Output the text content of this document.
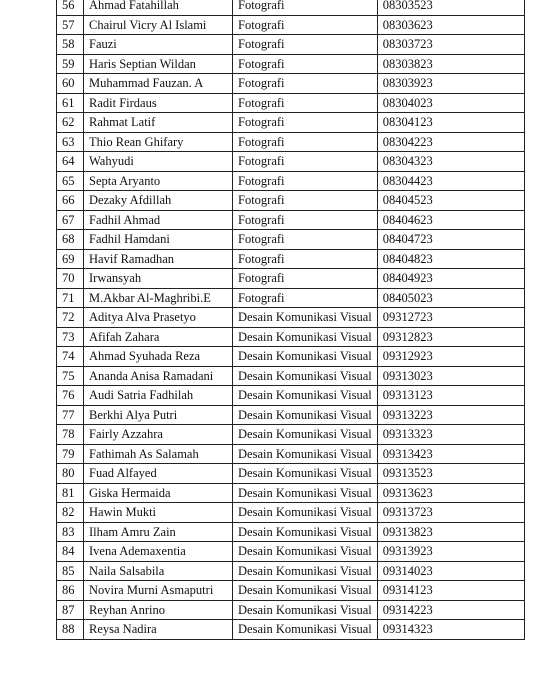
56	Ahmad Fatahillah	Fotografi	08303523
57	Chairul Vicry Al Islami	Fotografi	08303623
58	Fauzi	Fotografi	08303723
59	Haris Septian Wildan	Fotografi	08303823
60	Muhammad Fauzan. A	Fotografi	08303923
61	Radit Firdaus	Fotografi	08304023
62	Rahmat Latif	Fotografi	08304123
63	Thio Rean Ghifary	Fotografi	08304223
64	Wahyudi	Fotografi	08304323
65	Septa Aryanto	Fotografi	08304423
66	Dezaky Afdillah	Fotografi	08404523
67	Fadhil Ahmad	Fotografi	08404623
68	Fadhil Hamdani	Fotografi	08404723
69	Havif Ramadhan	Fotografi	08404823
70	Irwansyah	Fotografi	08404923
71	M.Akbar Al-Maghribi.E	Fotografi	08405023
72	Aditya Alva Prasetyo	Desain Komunikasi Visual	09312723
73	Afifah Zahara	Desain Komunikasi Visual	09312823
74	Ahmad Syuhada Reza	Desain Komunikasi Visual	09312923
75	Ananda Anisa Ramadani	Desain Komunikasi Visual	09313023
76	Audi Satria Fadhilah	Desain Komunikasi Visual	09313123
77	Berkhi Alya Putri	Desain Komunikasi Visual	09313223
78	Fairly Azzahra	Desain Komunikasi Visual	09313323
79	Fathimah As Salamah	Desain Komunikasi Visual	09313423
80	Fuad Alfayed	Desain Komunikasi Visual	09313523
81	Giska Hermaida	Desain Komunikasi Visual	09313623
82	Hawin Mukti	Desain Komunikasi Visual	09313723
83	Ilham Amru Zain	Desain Komunikasi Visual	09313823
84	Ivena Ademaxentia	Desain Komunikasi Visual	09313923
85	Naila Salsabila	Desain Komunikasi Visual	09314023
86	Novira Murni Asmaputri	Desain Komunikasi Visual	09314123
87	Reyhan Anrino	Desain Komunikasi Visual	09314223
88	Reysa Nadira	Desain Komunikasi Visual	09314323
